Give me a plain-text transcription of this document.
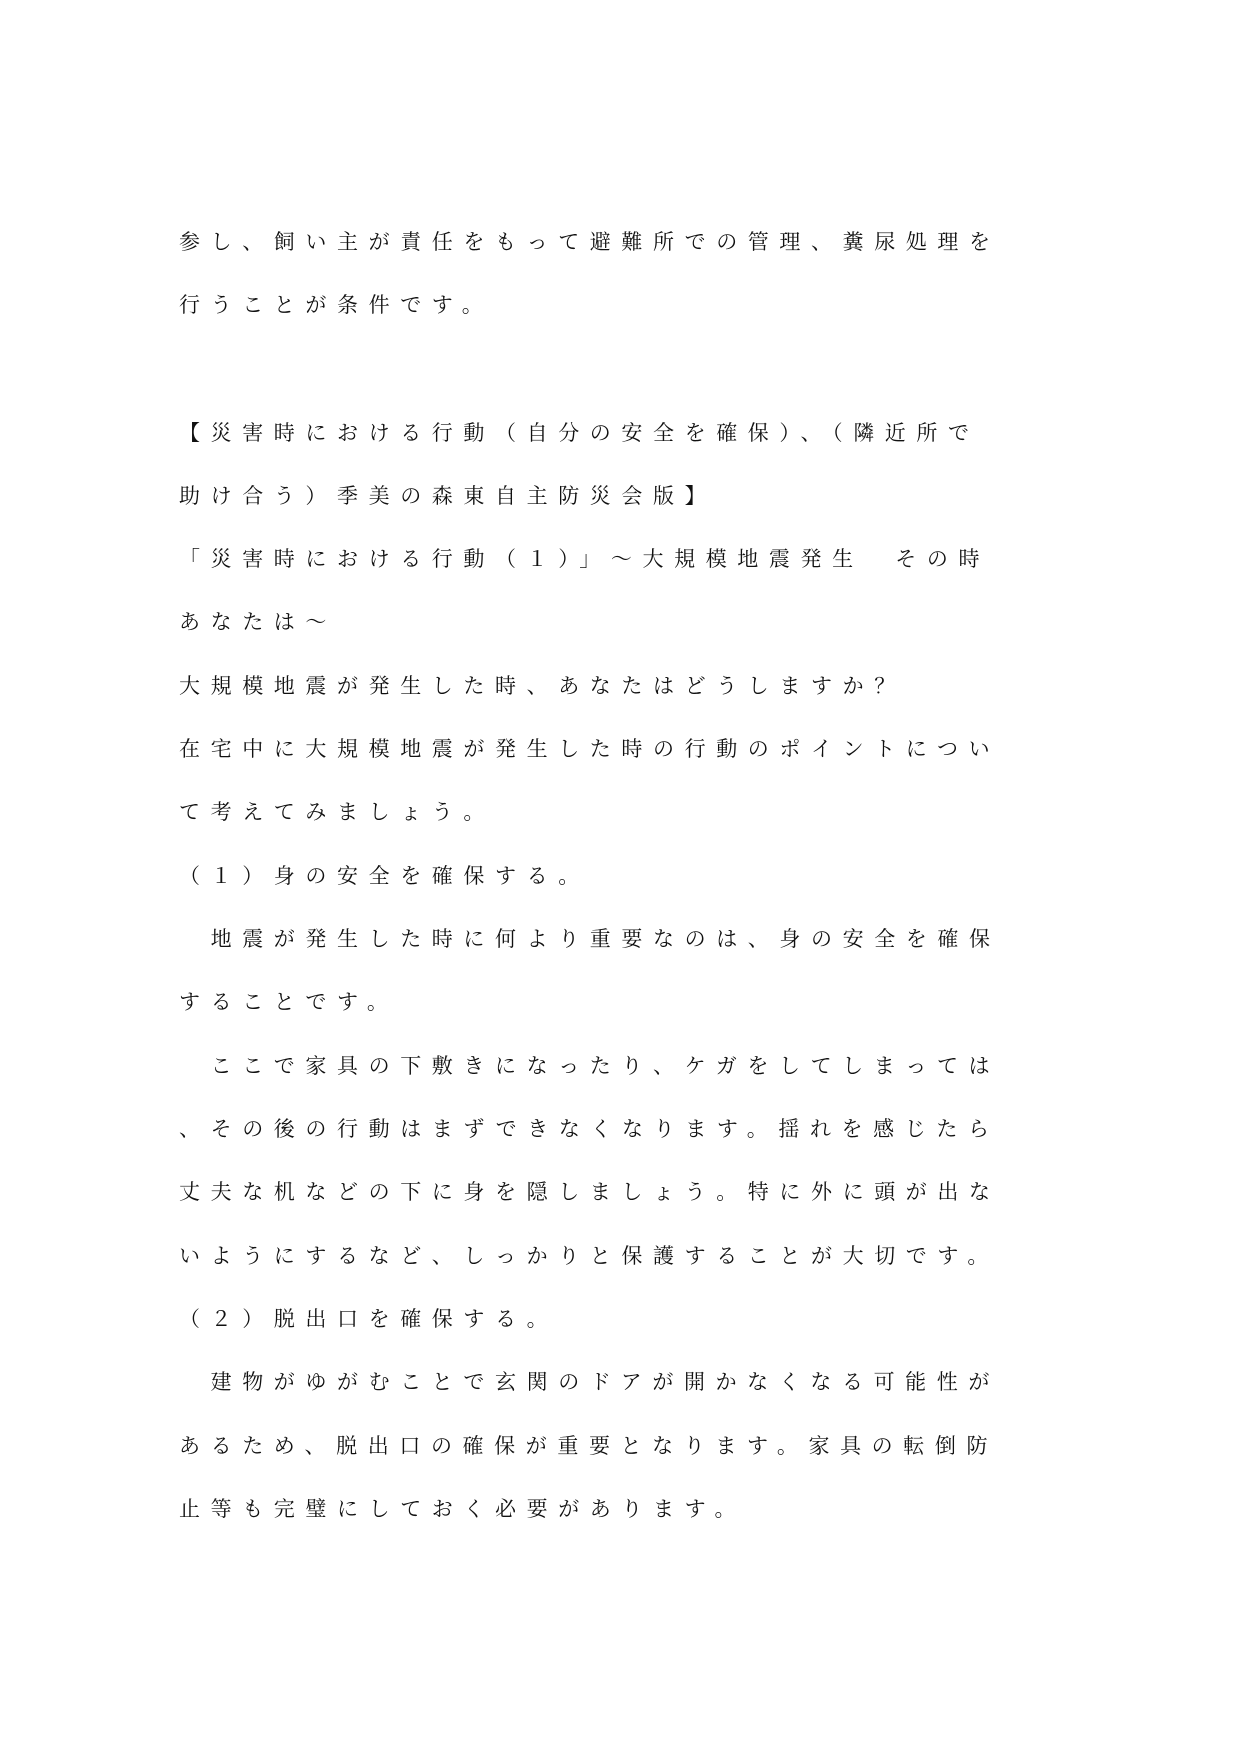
参し、飼い主が責任をもって避難所での管理、糞尿処理を
行うことが条件です。
【災害時における行動（自分の安全を確保）、（隣近所で
助け合う）季美の森東自主防災会版】
「災害時における行動（１）」～大規模地震発生　その時
あなたは～
大規模地震が発生した時、あなたはどうしますか？
在宅中に大規模地震が発生した時の行動のポイントについ
て考えてみましょう。
（１）身の安全を確保する。
　地震が発生した時に何より重要なのは、身の安全を確保
することです。
　ここで家具の下敷きになったり、ケガをしてしまっては
、その後の行動はまずできなくなります。揺れを感じたら
丈夫な机などの下に身を隠しましょう。特に外に頭が出な
いようにするなど、しっかりと保護することが大切です。
（２）脱出口を確保する。
　建物がゆがむことで玄関のドアが開かなくなる可能性が
あるため、脱出口の確保が重要となります。家具の転倒防
止等も完璧にしておく必要があります。
